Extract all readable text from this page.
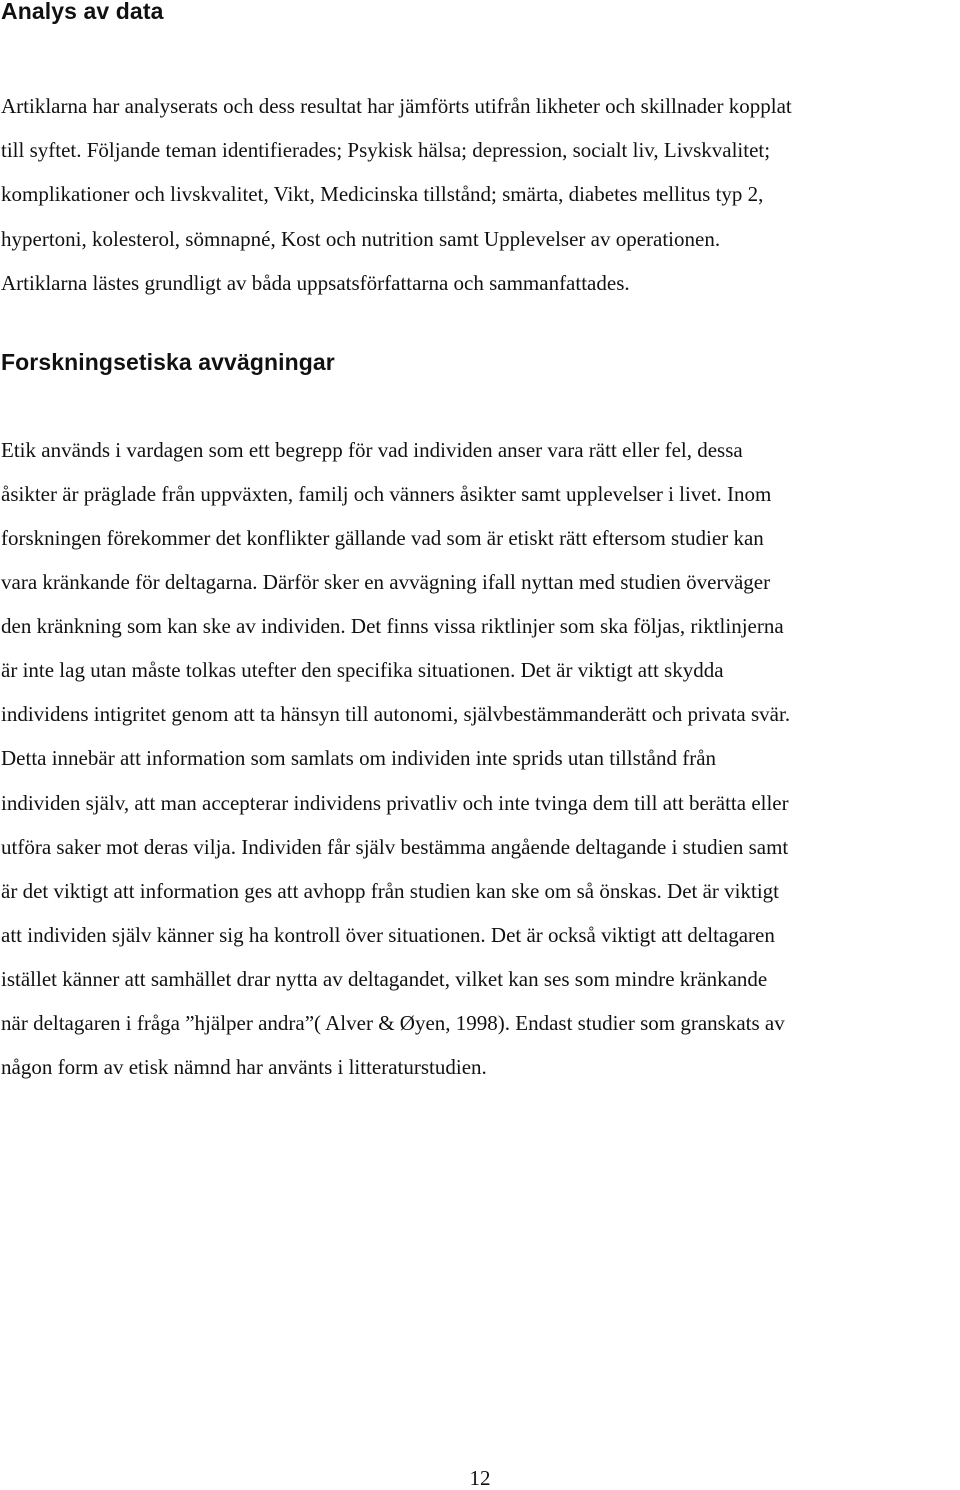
Analys av data

Artiklarna har analyserats och dess resultat har jämförts utifrån likheter och skillnader kopplat
till syftet. Följande teman identifierades; Psykisk hälsa; depression, socialt liv, Livskvalitet;
komplikationer och livskvalitet, Vikt, Medicinska tillstånd; smärta, diabetes mellitus typ 2,
hypertoni, kolesterol, sömnapné, Kost och nutrition samt Upplevelser av operationen.
Artiklarna lästes grundligt av båda uppsatsförfattarna och sammanfattades.

Forskningsetiska avvägningar

Etik används i vardagen som ett begrepp för vad individen anser vara rätt eller fel, dessa
åsikter är präglade från uppväxten, familj och vänners åsikter samt upplevelser i livet. Inom
forskningen förekommer det konflikter gällande vad som är etiskt rätt eftersom studier kan
vara kränkande för deltagarna. Därför sker en avvägning ifall nyttan med studien överväger
den kränkning som kan ske av individen. Det finns vissa riktlinjer som ska följas, riktlinjerna
är inte lag utan måste tolkas utefter den specifika situationen. Det är viktigt att skydda
individens intigritet genom att ta hänsyn till autonomi, självbestämmanderätt och privata svär.
Detta innebär att information som samlats om individen inte sprids utan tillstånd från
individen själv, att man accepterar individens privatliv och inte tvinga dem till att berätta eller
utföra saker mot deras vilja. Individen får själv bestämma angående deltagande i studien samt
är det viktigt att information ges att avhopp från studien kan ske om så önskas. Det är viktigt
att individen själv känner sig ha kontroll över situationen. Det är också viktigt att deltagaren
istället känner att samhället drar nytta av deltagandet, vilket kan ses som mindre kränkande
när deltagaren i fråga ”hjälper andra”( Alver & Øyen, 1998). Endast studier som granskats av
någon form av etisk nämnd har använts i litteraturstudien.

12
